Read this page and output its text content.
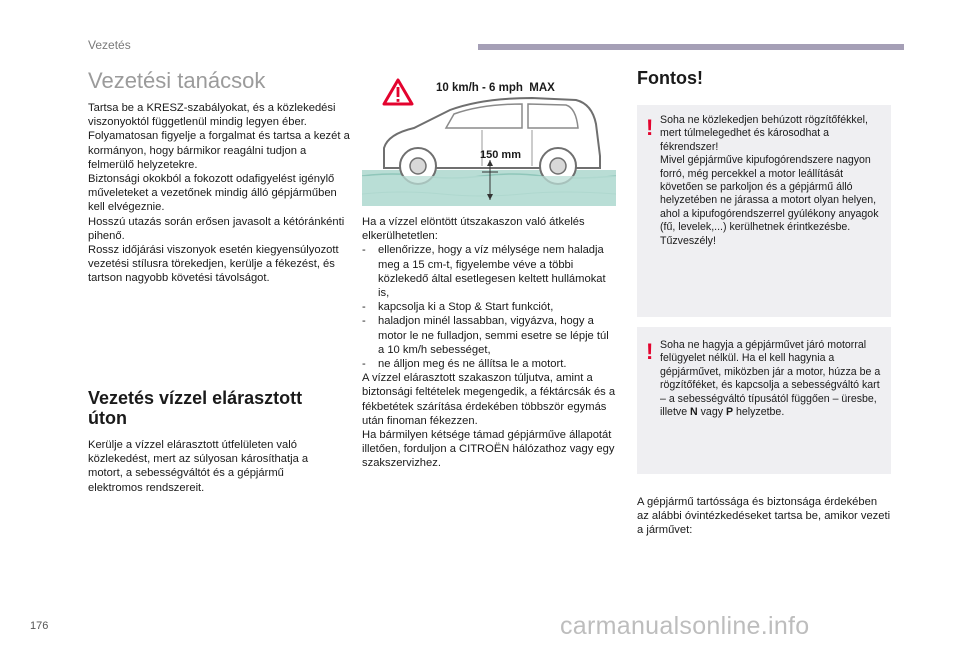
Vezetés
Vezetési tanácsok

Tartsa be a KRESZ-szabályokat, és a közlekedési viszonyoktól függetlenül mindig legyen éber.

Folyamatosan figyelje a forgalmat és tartsa a kezét a kormányon, hogy bármikor reagálni tudjon a felmerülő helyzetekre.

Biztonsági okokból a fokozott odafigyelést igénylő műveleteket a vezetőnek mindig álló gépjárműben kell elvégeznie.

Hosszú utazás során erősen javasolt a kétóránkénti pihenő.

Rossz időjárási viszonyok esetén kiegyensúlyozott vezetési stílusra törekedjen, kerülje a fékezést, és tartson nagyobb követési távolságot.

Vezetés vízzel elárasztott úton
Kerülje a vízzel elárasztott útfelületen való közlekedést, mert az súlyosan károsíthatja a motort, a sebességváltót és a gépjármű elektromos rendszereit.
10 km/h - 6 mph  MAX
150 mm

Ha a vízzel elöntött útszakaszon való átkelés elkerülhetetlen:

-	ellenőrizze, hogy a víz mélysége nem haladja meg a 15 cm-t, figyelembe véve a többi közlekedő által esetlegesen keltett hullámokat is,
-	kapcsolja ki a Stop & Start funkciót,
-	haladjon minél lassabban, vigyázva, hogy a motor le ne fulladjon, semmi esetre se lépje túl a 10 km/h sebességet,
-	ne álljon meg és ne állítsa le a motort.

A vízzel elárasztott szakaszon túljutva, amint a biztonsági feltételek megengedik, a féktárcsák és a fékbetétek szárítása érdekében többször egymás után finoman fékezzen.

Ha bármilyen kétsége támad gépjárműve állapotát illetően, forduljon a CITROËN hálózathoz vagy egy szakszervizhez.

Fontos!
! Soha ne közlekedjen behúzott rögzítőfékkel, mert túlmelegedhet és károsodhat a fékrendszer!

Mivel gépjárműve kipufogórendszere nagyon forró, még percekkel a motor leállítását követően se parkoljon és a gépjármű álló helyzetében ne járassa a motort olyan helyen, ahol a kipufogórendszerrel gyúlékony anyagok (fű, levelek,...) kerülhetnek érintkezésbe. Tűzveszély!

! Soha ne hagyja a gépjárművet járó motorral felügyelet nélkül. Ha el kell hagynia a gépjárművet, miközben jár a motor, húzza be a rögzítőféket, és kapcsolja a sebességváltó kart – a sebességváltó típusától függően – üresbe, illetve N vagy P helyzetbe.
A gépjármű tartóssága és biztonsága érdekében az alábbi óvintézkedéseket tartsa be, amikor vezeti a járművet:
176	carmanualsonline.info
